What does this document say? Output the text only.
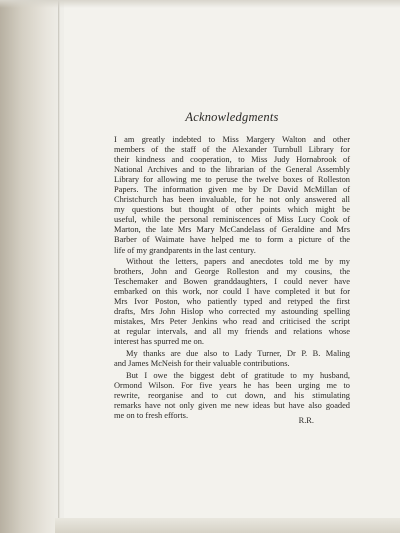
Acknowledgments
I am greatly indebted to Miss Margery Walton and other
members of the staff of the Alexander Turnbull Library for
their kindness and cooperation, to Miss Judy Hornabrook of
National Archives and to the librarian of the General Assembly
Library for allowing me to peruse the twelve boxes of Rolleston
Papers. The information given me by Dr David McMillan of
Christchurch has been invaluable, for he not only answered all
my questions but thought of other points which might be
useful, while the personal reminiscences of Miss Lucy Cook of
Marton, the late Mrs Mary McCandelass of Geraldine and Mrs
Barber of Waimate have helped me to form a picture of the
life of my grandparents in the last century.
Without the letters, papers and anecdotes told me by my
brothers, John and George Rolleston and my cousins, the
Teschemaker and Bowen granddaughters, I could never have
embarked on this work, nor could I have completed it but for
Mrs Ivor Poston, who patiently typed and retyped the first
drafts, Mrs John Hislop who corrected my astounding spelling
mistakes, Mrs Peter Jenkins who read and criticised the script
at regular intervals, and all my friends and relations whose
interest has spurred me on.
My thanks are due also to Lady Turner, Dr P. B. Maling
and James McNeish for their valuable contributions.
But I owe the biggest debt of gratitude to my husband,
Ormond Wilson. For five years he has been urging me to
rewrite, reorganise and to cut down, and his stimulating
remarks have not only given me new ideas but have also goaded
me on to fresh efforts.
R.R.
